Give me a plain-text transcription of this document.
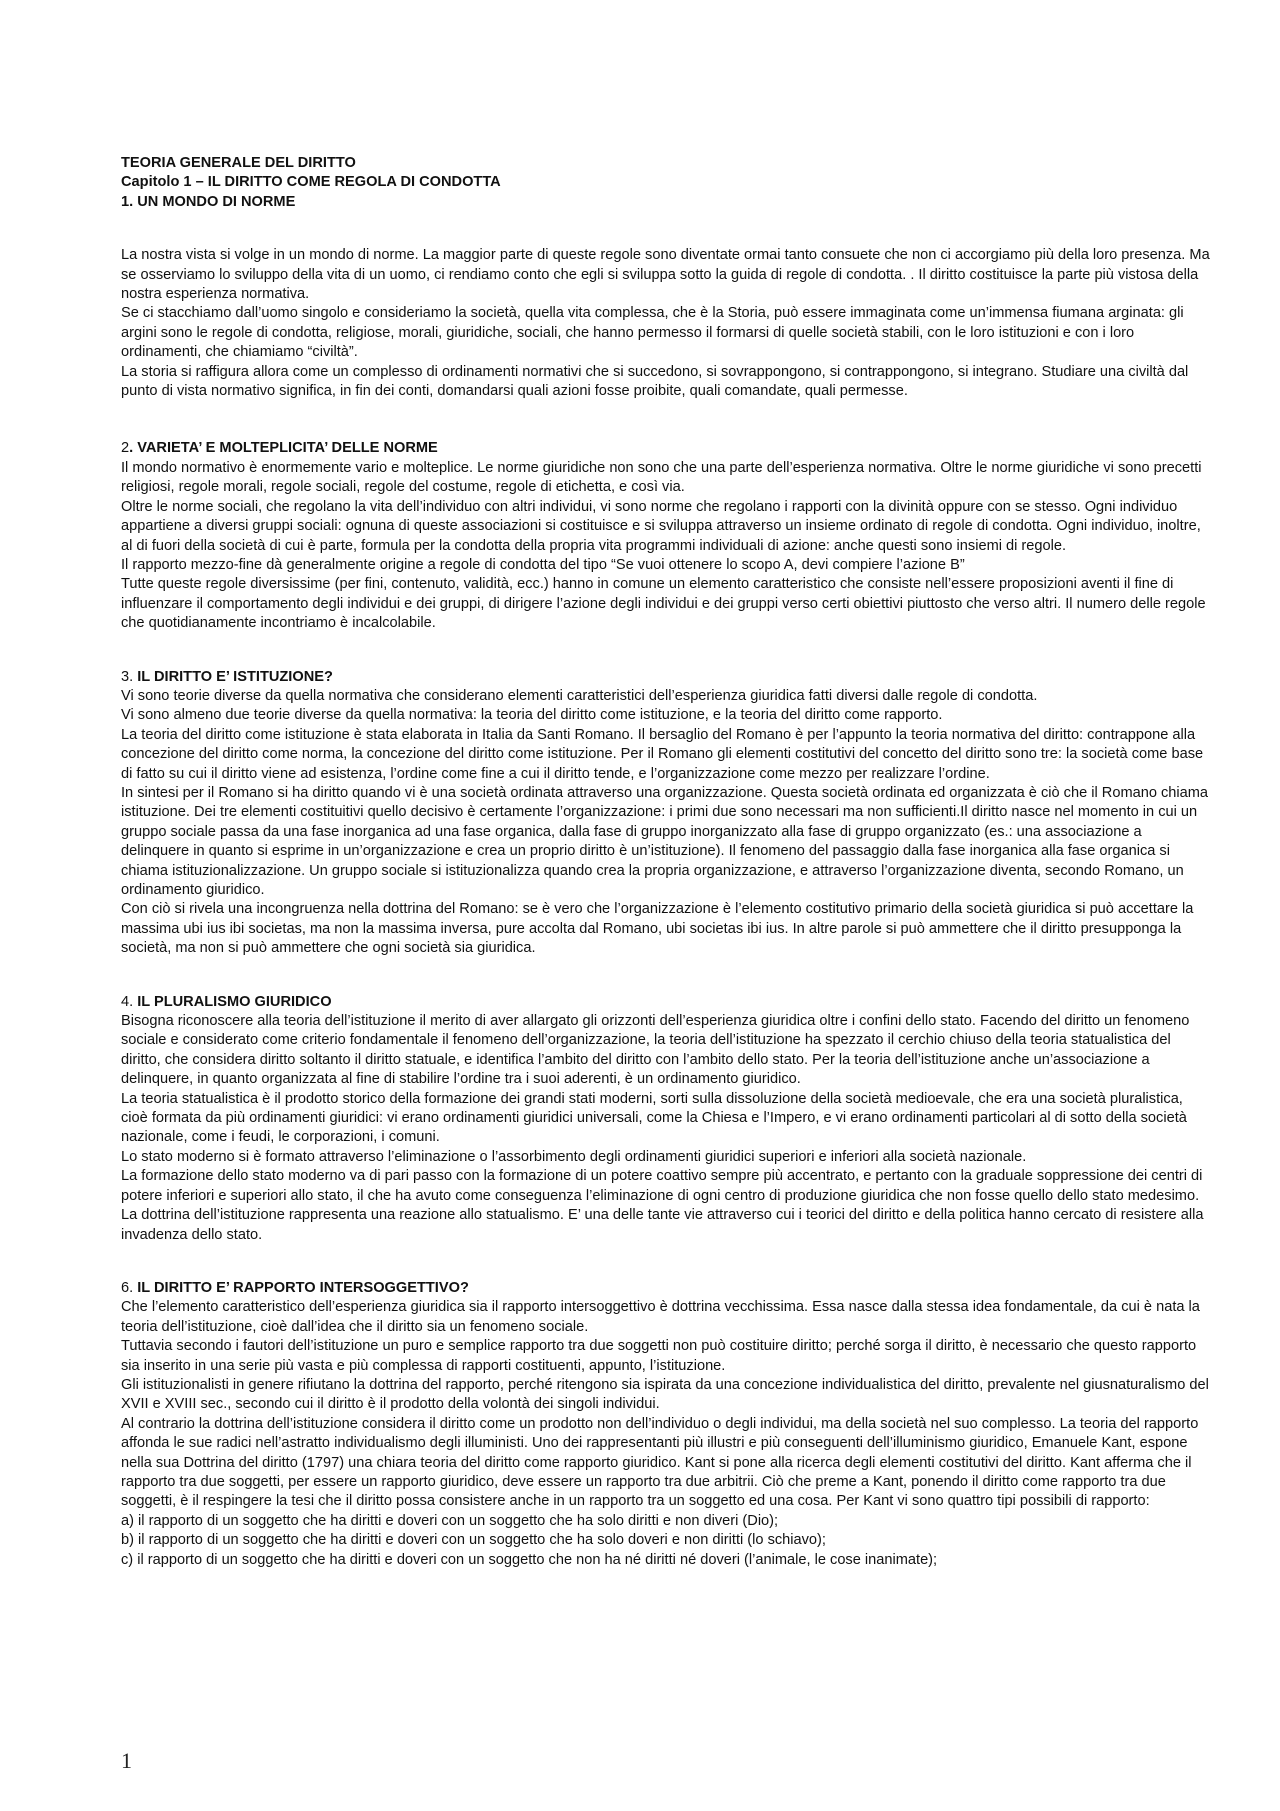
TEORIA GENERALE DEL DIRITTO

Capitolo 1 – IL DIRITTO COME REGOLA DI CONDOTTA

1. UN MONDO DI NORME

La nostra vista si volge in un mondo di norme. La maggior parte di queste regole sono diventate ormai tanto consuete che non ci accorgiamo più della loro presenza. Ma se osserviamo lo sviluppo della vita di un uomo, ci rendiamo conto che egli si sviluppa sotto la guida di regole di condotta. . Il diritto costituisce la parte più vistosa della nostra esperienza normativa.

Se ci stacchiamo dall’uomo singolo e consideriamo la società, quella vita complessa, che è la Storia, può essere immaginata come un’immensa fiumana arginata: gli argini sono le regole di condotta, religiose, morali, giuridiche, sociali, che hanno permesso il formarsi di quelle società stabili, con le loro istituzioni e con i loro ordinamenti, che chiamiamo “civiltà”.

La storia si raffigura allora come un complesso di ordinamenti normativi che si succedono, si sovrappongono, si contrappongono, si integrano. Studiare una civiltà dal punto di vista normativo significa, in fin dei conti, domandarsi quali azioni fosse proibite, quali comandate, quali permesse.

2. VARIETA’ E MOLTEPLICITA’ DELLE NORME

Il mondo normativo è enormemente vario e molteplice. Le norme giuridiche non sono che una parte dell’esperienza normativa. Oltre le norme giuridiche vi sono precetti religiosi, regole morali, regole sociali, regole del costume, regole di etichetta, e così via.

Oltre le norme sociali, che regolano la vita dell’individuo con altri individui, vi sono norme che regolano i rapporti con la divinità oppure con se stesso. Ogni individuo appartiene a diversi gruppi sociali: ognuna di queste associazioni si costituisce e si sviluppa attraverso un insieme ordinato di regole di condotta. Ogni individuo, inoltre, al di fuori della società di cui è parte, formula per la condotta della propria vita programmi individuali di azione: anche questi sono insiemi di regole.

Il rapporto mezzo-fine dà generalmente origine a regole di condotta del tipo “Se vuoi ottenere lo scopo A, devi compiere l’azione B”

Tutte queste regole diversissime (per fini, contenuto, validità, ecc.) hanno in comune un elemento caratteristico che consiste nell’essere proposizioni aventi il fine di influenzare il comportamento degli individui e dei gruppi, di dirigere l’azione degli individui e dei gruppi verso certi obiettivi piuttosto che verso altri. Il numero delle regole che quotidianamente incontriamo è incalcolabile.

3. IL DIRITTO E’ ISTITUZIONE?

Vi sono teorie diverse da quella normativa che considerano elementi caratteristici dell’esperienza giuridica fatti diversi dalle regole di condotta.

Vi sono almeno due teorie diverse da quella normativa: la teoria del diritto come istituzione, e la teoria del diritto come rapporto.

La teoria del diritto come istituzione è stata elaborata in Italia da Santi Romano. Il bersaglio del Romano è per l’appunto la teoria normativa del diritto: contrappone alla concezione del diritto come norma, la concezione del diritto come istituzione. Per il Romano gli elementi costitutivi del concetto del diritto sono tre: la società come base di fatto su cui il diritto viene ad esistenza, l’ordine come fine a cui il diritto tende, e l’organizzazione come mezzo per realizzare l’ordine.

In sintesi per il Romano si ha diritto quando vi è una società ordinata attraverso una organizzazione. Questa società ordinata ed organizzata è ciò che il Romano chiama istituzione. Dei tre elementi costituitivi quello decisivo è certamente l’organizzazione: i primi due sono necessari ma non sufficienti.Il diritto nasce nel momento in cui un gruppo sociale passa da una fase inorganica ad una fase organica, dalla fase di gruppo inorganizzato alla fase di gruppo organizzato (es.: una associazione a delinquere in quanto si esprime in un’organizzazione e crea un proprio diritto è un’istituzione). Il fenomeno del passaggio dalla fase inorganica alla fase organica si chiama istituzionalizzazione. Un gruppo sociale si istituzionalizza quando crea la propria organizzazione, e attraverso l’organizzazione diventa, secondo Romano, un ordinamento giuridico.

Con ciò si rivela una incongruenza nella dottrina del Romano: se è vero che l’organizzazione è l’elemento costitutivo primario della società giuridica si può accettare la massima ubi ius ibi societas, ma non la massima inversa, pure accolta dal Romano, ubi societas ibi ius. In altre parole si può ammettere che il diritto presupponga la società, ma non si può ammettere che ogni società sia giuridica.

4. IL PLURALISMO GIURIDICO

Bisogna riconoscere alla teoria dell’istituzione il merito di aver allargato gli orizzonti dell’esperienza giuridica oltre i confini dello stato. Facendo del diritto un fenomeno sociale e considerato come criterio fondamentale il fenomeno dell’organizzazione, la teoria dell’istituzione ha spezzato il cerchio chiuso della teoria statualistica del diritto, che considera diritto soltanto il diritto statuale, e identifica l’ambito del diritto con l’ambito dello stato. Per la teoria dell’istituzione anche un’associazione a delinquere, in quanto organizzata al fine di stabilire l’ordine tra i suoi aderenti, è un ordinamento giuridico.

La teoria statualistica è il prodotto storico della formazione dei grandi stati moderni, sorti sulla dissoluzione della società medioevale, che era una società pluralistica, cioè formata da più ordinamenti giuridici: vi erano ordinamenti giuridici universali, come la Chiesa e l’Impero, e vi erano ordinamenti particolari al di sotto della società nazionale, come i feudi, le corporazioni, i comuni.

Lo stato moderno si è formato attraverso l’eliminazione o l’assorbimento degli ordinamenti giuridici superiori e inferiori alla società nazionale.

La formazione dello stato moderno va di pari passo con la formazione di un potere coattivo sempre più accentrato, e pertanto con la graduale soppressione dei centri di potere inferiori e superiori allo stato, il che ha avuto come conseguenza l’eliminazione di ogni centro di produzione giuridica che non fosse quello dello stato medesimo.

La dottrina dell’istituzione rappresenta una reazione allo statualismo. E’ una delle tante vie attraverso cui i teorici del diritto e della politica hanno cercato di resistere alla invadenza dello stato.

6. IL DIRITTO E’ RAPPORTO INTERSOGGETTIVO?

Che l’elemento caratteristico dell’esperienza giuridica sia il rapporto intersoggettivo è dottrina vecchissima. Essa nasce dalla stessa idea fondamentale, da cui è nata la teoria dell’istituzione, cioè dall’idea che il diritto sia un fenomeno sociale.

Tuttavia secondo i fautori dell’istituzione un puro e semplice rapporto tra due soggetti non può costituire diritto; perché sorga il diritto, è necessario che questo rapporto sia inserito in una serie più vasta e più complessa di rapporti costituenti, appunto, l’istituzione.

Gli istituzionalisti in genere rifiutano la dottrina del rapporto, perché ritengono sia ispirata da una concezione individualistica del diritto, prevalente nel giusnaturalismo del XVII e XVIII sec., secondo cui il diritto è il prodotto della volontà dei singoli individui.

Al contrario la dottrina dell’istituzione considera il diritto come un prodotto non dell’individuo o degli individui, ma della società nel suo complesso. La teoria del rapporto affonda le sue radici nell’astratto individualismo degli illuministi. Uno dei rappresentanti più illustri e più conseguenti dell’illuminismo giuridico, Emanuele Kant, espone nella sua Dottrina del diritto (1797) una chiara teoria del diritto come rapporto giuridico. Kant si pone alla ricerca degli elementi costitutivi del diritto. Kant afferma che il rapporto tra due soggetti, per essere un rapporto giuridico, deve essere un rapporto tra due arbitrii. Ciò che preme a Kant, ponendo il diritto come rapporto tra due soggetti, è il respingere la tesi che il diritto possa consistere anche in un rapporto tra un soggetto ed una cosa. Per Kant vi sono quattro tipi possibili di rapporto:

a) il rapporto di un soggetto che ha diritti e doveri con un soggetto che ha solo diritti e non diveri (Dio);

b) il rapporto di un soggetto che ha diritti e doveri con un soggetto che ha solo doveri e non diritti (lo schiavo);

c) il rapporto di un soggetto che ha diritti e doveri con un soggetto che non ha né diritti né doveri (l’animale, le cose inanimate);

1
